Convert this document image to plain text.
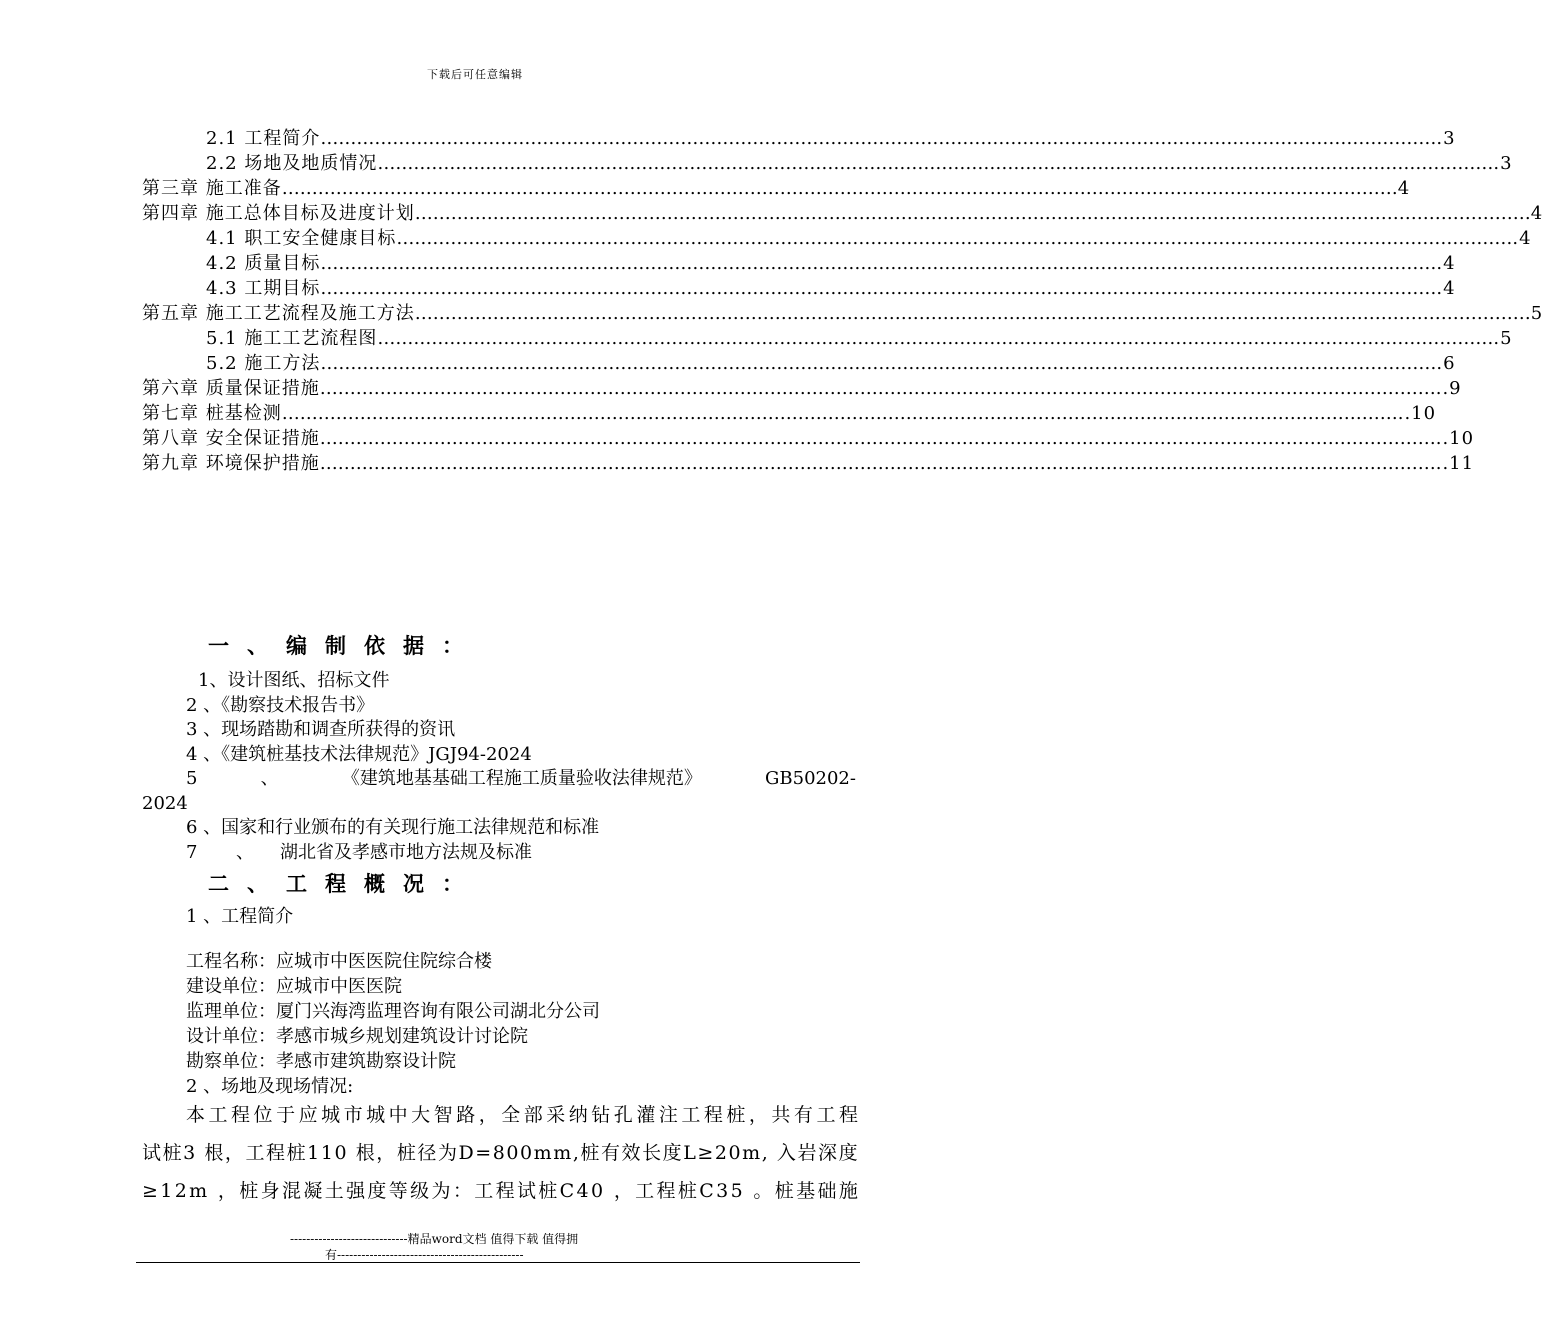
下载后可任意编辑
2.1 工程简介 …………………………………………………………………………………………………………………………………………………………………… .3
2.2 场地及地质情况 …………………………………………………………………………………………………………………………………………………………………… .3
第三章 施工准备 …………………………………………………………………………………………………………………………………………………………………… 4
第四章 施工总体目标及进度计划 …………………………………………………………………………………………………………………………………………………………………… 4
4.1 职工安全健康目标 …………………………………………………………………………………………………………………………………………………………………… .4
4.2 质量目标 …………………………………………………………………………………………………………………………………………………………………… .4
4.3 工期目标 …………………………………………………………………………………………………………………………………………………………………… .4
第五章 施工工艺流程及施工方法 …………………………………………………………………………………………………………………………………………………………………… 5
5.1 施工工艺流程图 …………………………………………………………………………………………………………………………………………………………………… .5
5.2 施工方法 …………………………………………………………………………………………………………………………………………………………………… .6
第六章 质量保证措施 …………………………………………………………………………………………………………………………………………………………………… ..9
第七章 桩基检测 …………………………………………………………………………………………………………………………………………………………………… ..10
第八章 安全保证措施 …………………………………………………………………………………………………………………………………………………………………… ..10
第九章 环境保护措施 …………………………………………………………………………………………………………………………………………………………………… ..11
一、编制依据：
1、设计图纸、招标文件
2 、《勘察技术报告书》
3 、现场踏勘和调查所获得的资讯
4 、《建筑桩基技术法律规范》JGJ94-2024
5	、	《建筑地基基础工程施工质量验收法律规范》	GB50202-
2024
6 、国家和行业颁布的有关现行施工法律规范和标准
7	、	湖北省及孝感市地方法规及标准
二、工程概况：
1 、工程简介
工程名称：应城市中医医院住院综合楼
建设单位：应城市中医医院
监理单位：厦门兴海湾监理咨询有限公司湖北分公司
设计单位：孝感市城乡规划建筑设计讨论院
勘察单位：孝感市建筑勘察设计院
2 、场地及现场情况:
本 工 程 位 于 应 城 市 城 中 大 智 路 ， 全 部 采 纳 钻 孔 灌 注 工 程 桩 ， 共 有 工 程
试 桩 3
根 ， 工 程 桩 1 1 0
根 ， 桩 径 为 D = 8 0 0 m m , 桩 有 效 长 度 L ≥ 2 0 m ,
入 岩 深 度
≥ 1 2 m
， 桩 身 混 凝 土 强 度 等 级 为 ： 工 程 试 桩 C 4 0
， 工 程 桩 C 3 5
。 桩 基 础 施
-----------------------------精品word文档 值得下载 值得拥
有----------------------------------------------
